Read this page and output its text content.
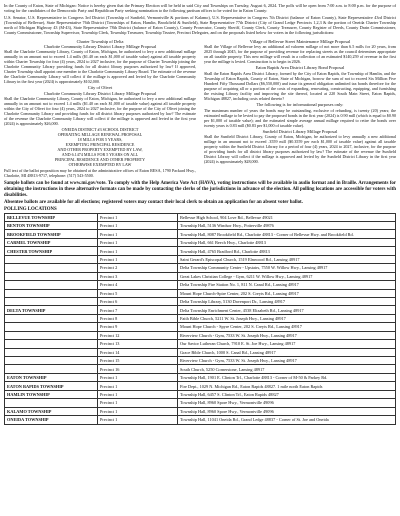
In the County of Eaton, State of Michigan: Notice is hereby given that the Primary Election will be held in said City and Townships on Tuesday, August 6, 2024. The polls will be open from 7:00 a.m. to 8:00 p.m. for the purpose of voting for the candidates of the Democratic Party and Republican Party seeking nomination to the following partisan offices to be voted for in Eaton County:

U.S. Senator, U.S. Representative in Congress 3rd District (Township of Sunfield, Vermontville & portions of Kalamo), U.S. Representative in Congress 7th District (balance of Eaton County), State Representative 43rd District (Township of Bellevue), State Representative 76th District (Townships of Eaton, Hamlin, Brookfield & Sunfield), State Representative 77th District (City of Grand Ledge Precincts 1,2,3 & the portion of Oneida Charter Township north of Michigan Highway 43 (M-43), State Representative 78th District (balance of Eaton County), County Prosecutor, County Sheriff, County Clerk, County Treasurer, County Register of Deeds, County Drain Commissioner, County Commissioner, Township Supervisor, Township Clerk, Township Treasurer, Township Trustee, Precinct Delegates, and on the proposals listed below for voters in the following jurisdictions:

Charter Township of Delta
Charlotte Community Library District Library Millage Proposal

Shall the Charlotte Community Library, County of Eaton, Michigan, be authorized to levy a new additional millage annually in an amount not to exceed 1.4 mills ($1.40 on each $1,000 of taxable value) against all taxable property within Charter Township for four (4) years, 2024 to 2027 inclusive, for the purpose of Charter Township joining the Charlotte Community Library providing funds for all district library purposes authorized by law? If approved, Charter Township shall appoint one member to the Charlotte Community Library Board. The estimate of the revenue the Charlotte Community Library will collect if the millage is approved and levied by the Charlotte Community Library in the first year (2024) is approximately $102,000.

City of Olivet
Charlotte Community Library District Library Millage Proposal

Shall the Charlotte Community Library, County of Eaton, Michigan, be authorized to levy a new additional millage annually in an amount not to exceed 1.4 mills ($1.40 on each $1,000 of taxable value) against all taxable property within the City of Olivet for four (4) years, 2024 to 2027 inclusive, for the purpose of the City of Olivet joining the Charlotte Community Library and providing funds for all district library purposes authorized by law? The estimate of the revenue the Charlotte Community Library will collect if the millage is approved and levied in the first year (2024) is approximately $26,000.

ONEIDA DISTRICT #3 SCHOOL DISTRICT
OPERATING MILLAGE RENEWAL PROPOSAL
18 MILLS FOR 5 YEARS,
EXEMPTING PRINCIPAL RESIDENCE
AND OTHER PROPERTY EXEMPTED BY LAW,
AND 6.1474 MILLS FOR 5 YEARS ON ALL
PRINCIPAL RESIDENCE AND OTHER PROPERTY
OTHERWISE EXEMPTED BY LAW

Full text of the ballot proposition may be obtained at the administrative offices of Eaton RESA, 1790 Packard Hwy., Charlotte, MI 48813-9717, telephone: (517) 543-5500.

Village of Bellevue Street Maintenance Millage Proposal

Shall the Village of Bellevue levy an additional ad valorem millage of not more than 6.5 mills for 20 years, from 2025 through 2045, for the purpose of providing revenue for replacing streets as the council determines appropriate on all taxable property. This new millage will result in a collection of an estimated $140,259 of revenue in the first year the millage is levied. Construction is to begin in 2026.

Eaton Rapids Area District Library Bond Proposal

Shall the Eaton Rapids Area District Library, formed by the City of Eaton Rapids, the Township of Hamlin, and the Township of Eaton Rapids, County of Eaton, State of Michigan, borrow the sum of not to exceed Six Million Five Hundred Fifty Thousand Dollars ($6,550,000) and issue its general obligation unlimited tax bonds therefore for the purpose of acquiring all or a portion of the costs of expanding, renovating, constructing, equipping, and furnishing the existing Library facility and improving the site thereof, located at 220 South Main Street, Eaton Rapids, Michigan 48827, including costs related thereto?

The following is for informational purposes only:

The maximum number of years the bonds may be outstanding, exclusive of refunding, is twenty (20) years; the estimated millage to be levied to pay the proposed bonds in the first year (2024) is 0.90 mill (which is equal to $0.90 per $1,000 of taxable value); and the estimated simple average annual millage required to retire the bonds over twenty years is 0.83 mill ($0.83 per $1,000 of taxable value).

Sunfield District Library Millage Proposal

Shall the Sunfield District Library, County of Eaton, Michigan, be authorized to levy annually a new additional millage in an amount not to exceed .3559 mill ($0.3559 per each $1,000 of taxable value) against all taxable property within the Sunfield District Library for a period of four (4) years, 2024 to 2027, inclusive, for the purpose of providing funds for all district library purposes authorized by law? The estimate of the revenue the Sunfield District Library will collect if the millage is approved and levied by the Sunfield District Library in the first year (2024) is approximately $28,000.

Sample ballots can be found at www.mi.gov/vote. To comply with the Help America Vote Act (HAVA), voting instructions will be available in audio format and in Braille. Arrangements for obtaining the instructions in these alternative formats can be made by contacting the clerks of the jurisdictions in advance of the election. All polling locations are accessible for voters with disabilities.

Absentee ballots are available for all elections; registered voters may contact their local clerk to obtain an application for an absent voter ballot.

POLLING LOCATIONS
BELLEVUE TOWNSHIP	Precinct 1	Bellevue High School, 904 Love Rd., Bellevue 49021
BENTON TOWNSHIP	Precinct 1	Township Hall, 5136 Windsor Hwy., Potterville 49876
BROOKFIELD TOWNSHIP	Precinct 1	Township Hall, 8087 Brookfield Rd., Charlotte 48813 - Corner of Bellevue Hwy. and Brookfield Rd.
CARMEL TOWNSHIP	Precinct 1	Township Hall, 661 Beech Hwy., Charlotte 48813
CHESTER TOWNSHIP	Precinct 1	Township Hall, 4765 Bradford Rd., Charlotte 48813
	Precinct 1	Saint Gerard's Episcopal Church, 1519 Elmwood Rd., Lansing 48917
	Precinct 2	Delta Township Community Center - Upstairs, 7550 W. Willow Hwy., Lansing 48917
	Precinct 3	Great Lakes Christian College - Gym, 6211 W. Willow Hwy., Lansing 48917
	Precinct 4	Delta Township Fire Station No. 1, 811 N. Canal Rd., Lansing 48917
	Precinct 5	Mount Hope Church-Spire Center, 202 S. Creyts Rd., Lansing 48917
	Precinct 6	Delta Township Library, 5130 Davenport Dr., Lansing 48917
DELTA TOWNSHIP	Precinct 7	Delta Township Enrichment Center, 4538 Elizabeth Rd., Lansing 48917
	Precinct 8	Faith Bible Church, 5211 W. St. Joseph Hwy., Lansing 48917
	Precinct 9	Mount Hope Church - Spyre Center, 202 S. Creyts Rd., Lansing 48917
	Precinct 12	Riverview Church - Gym, 7533 W. St. Joseph Hwy., Lansing 48917
	Precinct 13	Our Savior Lutheran Church, 7910 E. St. Joe Hwy., Lansing 48917
	Precinct 14	Grace Bible Church, 1000 S. Canal Rd., Lansing 48917
	Precinct 15	Riverview Church - Gym, 7533 W. St. Joseph Hwy., Lansing 48917
	Precinct 16	South Church, 5250 Cornerstone, Lansing 48917
EATON TOWNSHIP	Precinct 1	Township Hall, 1901 E. Clinton Trl., Charlotte 48813 - Corner of M-50 & Parkey Rd.
EATON RAPIDS TOWNSHIP	Precinct 1	Fire Dept., 1029 N. Michigan Rd., Eaton Rapids 48827. 1 mile north Eaton Rapids
HAMLIN TOWNSHIP	Precinct 1	Township Hall, 6457 S. Clinton Trl., Eaton Rapids 48827
	Precinct 1	Township Hall, 8960 Spore Hwy., Vermontville 49096
KALAMO TOWNSHIP	Precinct 1	Township Hall, 8960 Spore Hwy., Vermontville 49096
ONEIDA TOWNSHIP	Precinct 1	Township Hall, 11041 Oneida Rd., Grand Ledge 48837 - Corner of St. Joe and Oneida
